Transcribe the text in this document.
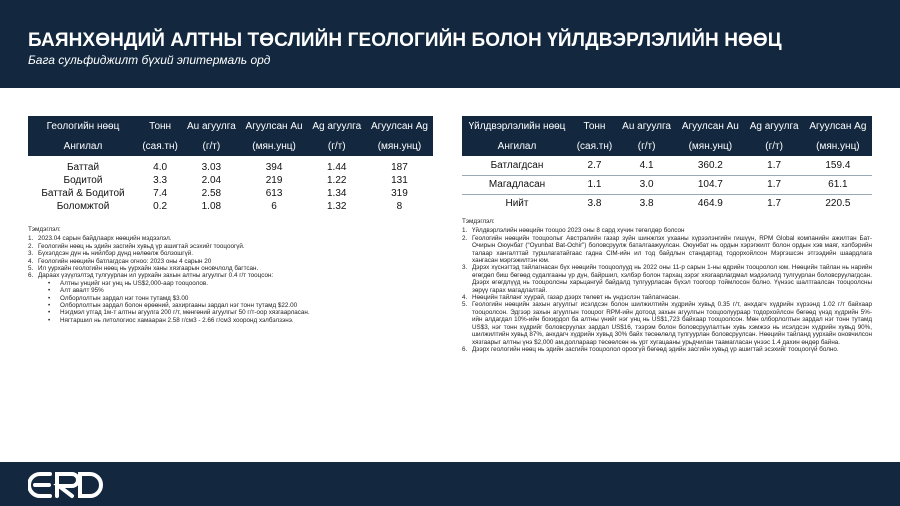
БАЯНХӨНДИЙ АЛТНЫ ТӨСЛИЙН ГЕОЛОГИЙН БОЛОН ҮЙЛДВЭРЛЭЛИЙН НӨӨЦ
Бага сульфиджилт бүхий эпитермаль орд
Геологийн нөөц	Тонн	Au агуулга	Агуулсан Au	Ag агуулга	Агуулсан Ag
Ангилал	(сая.тн)	(г/т)	(мян.унц)	(г/т)	(мян.унц)

Баттай	4.0	3.03	394	1.44	187
Бодитой	3.3	2.04	219	1.22	131
Баттай & Бодитой	7.4	2.58	613	1.34	319
Боломжтой	0.2	1.08	6	1.32	8
Үйлдвэрлэлийн нөөц	Тонн	Au агуулга	Агуулсан Au	Ag агуулга	Агуулсан Ag
Ангилал	(сая.тн)	(г/т)	(мян.унц)	(г/т)	(мян.унц)
Батлагдсан	2.7	4.1	360.2	1.7	159.4
Магадласан	1.1	3.0	104.7	1.7	61.1
Нийт	3.8	3.8	464.9	1.7	220.5
Тэмдэглэл:
1. 2023.04 сарын байдлаарх нөөцийн мэдээлэл.
2. Геологийн нөөц нь эдийн засгийн хувьд үр ашигтай эсэхийг тооцоогүй.
3. Бүхэлдсэн дүн нь нийлбэр дүнд нөлөөлж болзошгүй.
4. Геологийн нөөцийн батлагдсан огноо: 2023 оны 4 сарын 20
5. Ил уурхайн геологийн нөөц нь уурхайн ханы хязгаарын оновчлолд багтсан.
6. Дараах үзүүлэлтэд тулгуурлан ил уурхайн захын алтны агуулгыг 0.4 г/т тооцсон:
•	Алтны унцийг нэг унц нь US$2,000-аар тооцоолов.
•	Алт авалт 95%
•	Олборлолтын зардал нэг тонн тутамд $3.00
•	Олборлолтын зардал болон өрөөний, захиргааны зардал нэг тонн тутамд $22.00
•	Нэгдмэл утгад 1м-т алтны агуулга 200 г/т, мөнгөний агуулгыг 50 г/т-оор хязгаарласан.
•	Нягтаршил нь литологиос хамааран 2.58 г/см3 - 2.66 г/см3 хооронд хэлбэлзэнэ.
Тэмдэглэл:
1. Үйлдвэрлэлийн нөөцийн тооцоо 2023 оны 8 сард хүчин төгөлдөр болсон
2. Геологийн нөөцийн тооцоолыг Австралийн газар зүйн шинжлэх ухааны хүрээлэнгийн гишүүн, RPM Global компанийн ажилтан Бат-Очирын Оюунбат (“Oyunbat Bat-Ochir”) боловсруулж баталгаажуулсан. Оюунбат нь ордын хэрэгжилт болон ордын хэв маяг, хэлбэрийн талаар хангалттай туршлагатайгаас гадна CIM-ийн ил тод байдлын стандартад тодорхойлсон Мэргэшсэн этгээдийн шаардлага хангасан мэргэжилтэн юм.
3. Дэрэх хүснэгтэд тайлагнасан бүх нөөцийн тооцоолууд нь 2022 оны 11-р сарын 1-ны өдрийн тооцоолол юм. Нөөцийн тайлан нь нарийн өгөгдөл биш бөгөөд судалгааны үр дүн, байршил, хэлбэр болон тархац зэрэг хязгаарлагдмал мэдээлэлд тулгуурлан боловсруулагдсан. Дээрх өгөгдлүүд нь тооцоолсны харьцангуй байдалд тулгуурласан бүхэл тоогоор тоймлосон болно. Үүнээс шалтгаалсан тооцоолсны зөрүү гарах магадлалтай.
4. Нөөцийн тайланг хуурай, газар дээрх төлөвт нь үндэслэн тайлагнасан.
5. Геологийн нөөцийн захын агуулгыг исэлдсэн болон шилжилтийн хүдрийн хувьд 0.35 г/т, анхдагч хүдрийн хүрээнд 1.02 г/т байхаар тооцоолсон. Эдгээр захын агуулгын тооцоог RPM-ийн дотоод захын агуулгын тооцоолуураар тодорхойлсон бөгөөд үнэд хүдрийн 5%-ийн алдагдал 10%-ийн бохирдол ба алтны үнийг нэг унц нь US$1,723 байхаар тооцоолсон. Мөн олборлолтын зардал нэг тонн тутамд US$3, нэг тонн хүдрийг боловсруулах зардал US$16, тээрэм болон боловсруулалтын хувь хэмжээ нь исэлдсэн хүдрийн хувьд 90%, шилжилтийн хувьд 87%, анхдагч хүдрийн хувьд 30% байх төсөөлөлд тулгуурлан боловсруулсан. Нөөцийн тайланд уурхайн оновчилсон хязгаарыг алтны үнэ $2,000 ам.доллараар төсөөлсөн нь урт хугацааны урьдчилан таамагласан үнээс 1.4 дахин өндөр байна.
6. Дээрх геологийн нөөц нь эдийн засгийн тооцоолол ороогүй бөгөөд эдийн засгийн хувьд үр ашигтай эсэхийг тооцоогүй болно.
